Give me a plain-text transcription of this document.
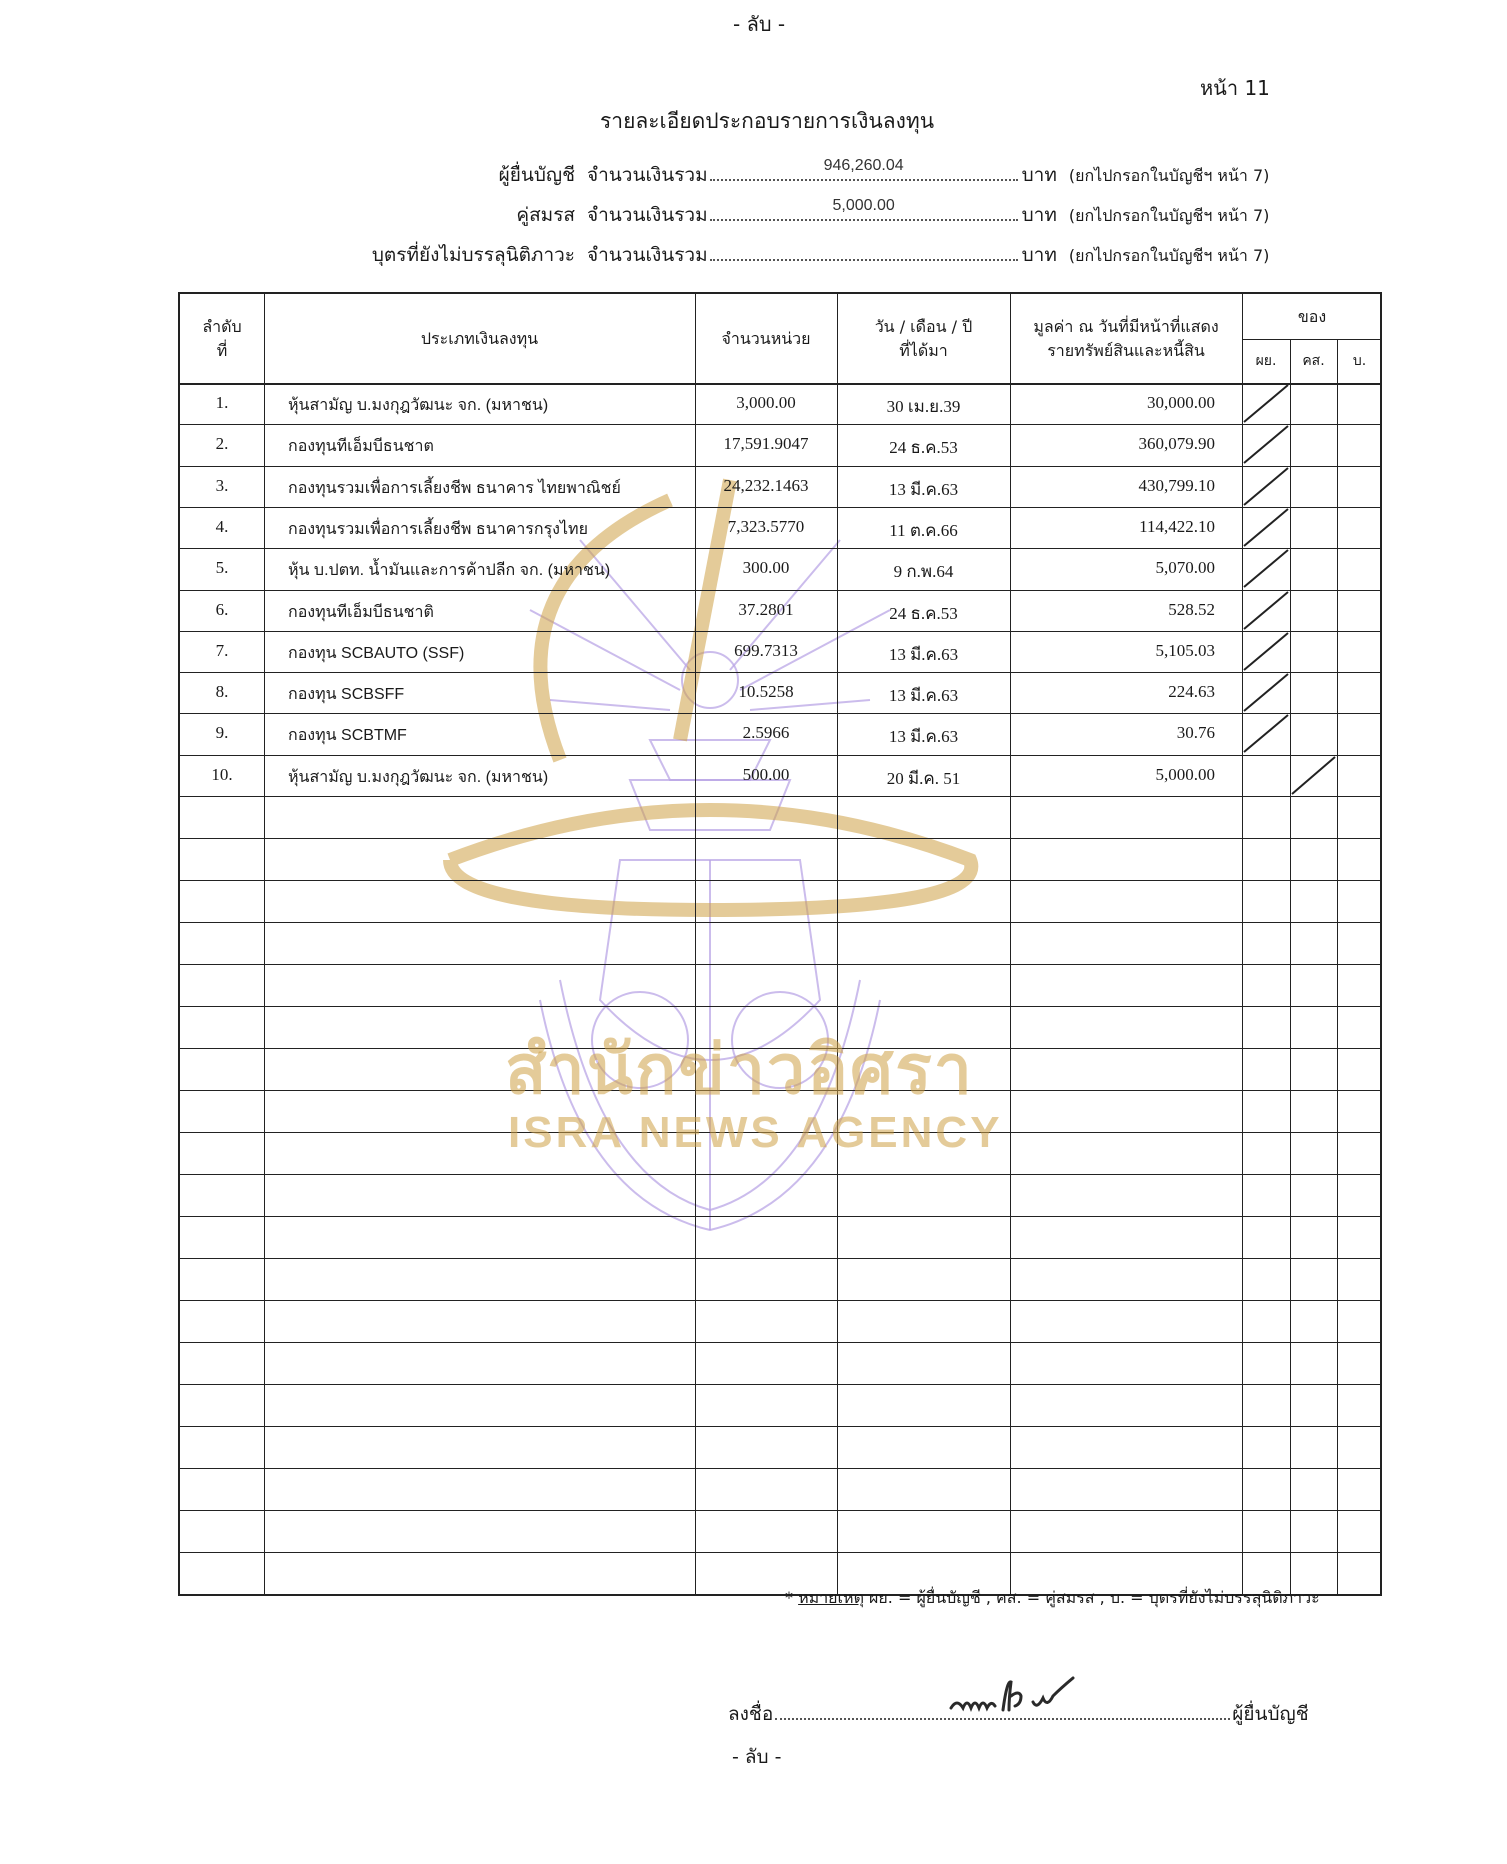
- ลับ -
หน้า 11
รายละเอียดประกอบรายการเงินลงทุน
ผู้ยื่นบัญชี จำนวนเงินรวม	946,260.04	บาท (ยกไปกรอกในบัญชีฯ หน้า 7)
คู่สมรส จำนวนเงินรวม	5,000.00	บาท (ยกไปกรอกในบัญชีฯ หน้า 7)
บุตรที่ยังไม่บรรลุนิติภาวะ จำนวนเงินรวม	บาท (ยกไปกรอกในบัญชีฯ หน้า 7)
ลำดับ
ที่
ประเภทเงินลงทุน	จำนวนหน่วย
วัน / เดือน / ปี
ที่ได้มา
มูลค่า ณ วันที่มีหน้าที่แสดง
รายทรัพย์สินและหนี้สิน
ของ
ผย. คส. บ.
1.	หุ้นสามัญ บ.มงกุฎวัฒนะ จก. (มหาชน)	3,000.00	30 เม.ย.39	30,000.00
2.	กองทุนทีเอ็มบีธนชาต	17,591.9047	24 ธ.ค.53	360,079.90
3.	กองทุนรวมเพื่อการเลี้ยงชีพ ธนาคาร ไทยพาณิชย์	24,232.1463	13 มี.ค.63	430,799.10
4.	กองทุนรวมเพื่อการเลี้ยงชีพ ธนาคารกรุงไทย	7,323.5770	11 ต.ค.66	114,422.10
5.	หุ้น บ.ปตท. น้ำมันและการค้าปลีก จก. (มหาชน)	300.00	9 ก.พ.64	5,070.00
6.	กองทุนทีเอ็มบีธนชาติ	37.2801	24 ธ.ค.53	528.52
7.	กองทุน SCBAUTO (SSF)	699.7313	13 มี.ค.63	5,105.03
8.	กองทุน SCBSFF	10.5258	13 มี.ค.63	224.63
9.	กองทุน SCBTMF	2.5966	13 มี.ค.63	30.76
10.	หุ้นสามัญ บ.มงกุฎวัฒนะ จก. (มหาชน)	500.00	20 มี.ค. 51	5,000.00
* หมายเหตุ ผย. = ผู้ยื่นบัญชี , คส. = คู่สมรส , บ. = บุตรที่ยังไม่บรรลุนิติภาวะ
ลงชื่อ	ผู้ยื่นบัญชี
- ลับ -
สำนักข่าวอิศรา
ISRA NEWS AGENCY
